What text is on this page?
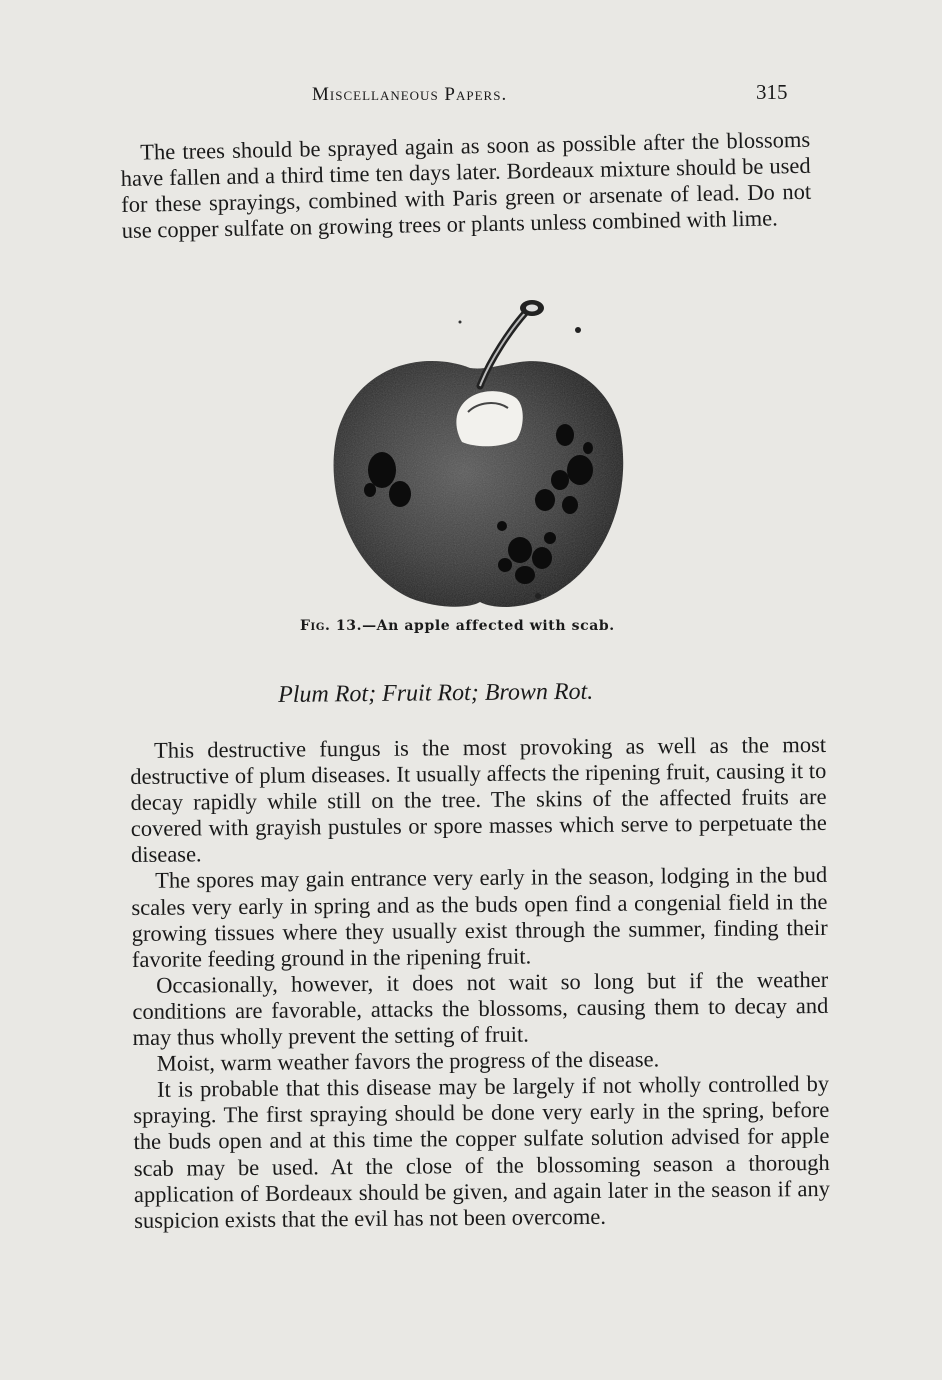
Miscellaneous Papers.	315

The trees should be sprayed again as soon as possible after the blossoms have fallen and a third time ten days later. Bordeaux mixture should be used for these sprayings, combined with Paris green or arsenate of lead. Do not use copper sulfate on growing trees or plants unless combined with lime.

Fig. 13.—An apple affected with scab.
Plum Rot; Fruit Rot; Brown Rot.

This destructive fungus is the most provoking as well as the most destructive of plum diseases. It usually affects the ripening fruit, causing it to decay rapidly while still on the tree. The skins of the affected fruits are covered with grayish pustules or spore masses which serve to perpetuate the disease.

The spores may gain entrance very early in the season, lodging in the bud scales very early in spring and as the buds open find a congenial field in the growing tissues where they usually exist through the summer, finding their favorite feeding ground in the ripening fruit.

Occasionally, however, it does not wait so long but if the weather conditions are favorable, attacks the blossoms, causing them to decay and may thus wholly prevent the setting of fruit.

Moist, warm weather favors the progress of the disease.

It is probable that this disease may be largely if not wholly controlled by spraying. The first spraying should be done very early in the spring, before the buds open and at this time the copper sulfate solution advised for apple scab may be used. At the close of the blossoming season a thorough application of Bordeaux should be given, and again later in the season if any suspicion exists that the evil has not been overcome.
